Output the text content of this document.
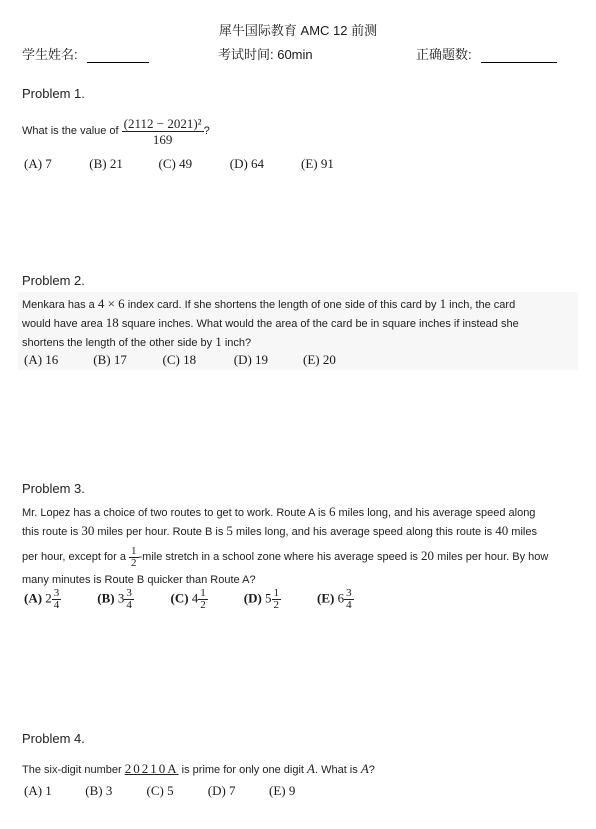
犀牛国际教育 AMC 12 前测
学生姓名:	考试时间: 60min	正确题数:
Problem 1.
What is the value of $\frac{\text{(2112 − 2021)²}}{169}$ ?
(A) 7	(B) 21	(C) 49	(D) 64	(E) 91
Problem 2.
Menkara has a 4 × 6 index card. If she shortens the length of one side of this card by 1 inch, the card
would have area 18 square inches. What would the area of the card be in square inches if instead she
shortens the length of the other side by 1 inch?
(A) 16	(B) 17	(C) 18	(D) 19	(E) 20
Problem 3.
Mr. Lopez has a choice of two routes to get to work. Route A is 6 miles long, and his average speed along
this route is 30 miles per hour. Route B is 5 miles long, and his average speed along this route is 40 miles
per hour, except for a $\frac{1}{2}$ -mile stretch in a school zone where his average speed is 20 miles per hour. By how
many minutes is Route B quicker than Route A?
(A) $2 \frac{3}{4}$	(B) $3 \frac{3}{4}$	(C) $4 \frac{1}{2}$	(D) $5 \frac{1}{2}$	(E) $6 \frac{3}{4}$
Problem 4.
The six-digit number 20210A is prime for only one digit A. What is A?
(A) 1	(B) 3	(C) 5	(D) 7	(E) 9
